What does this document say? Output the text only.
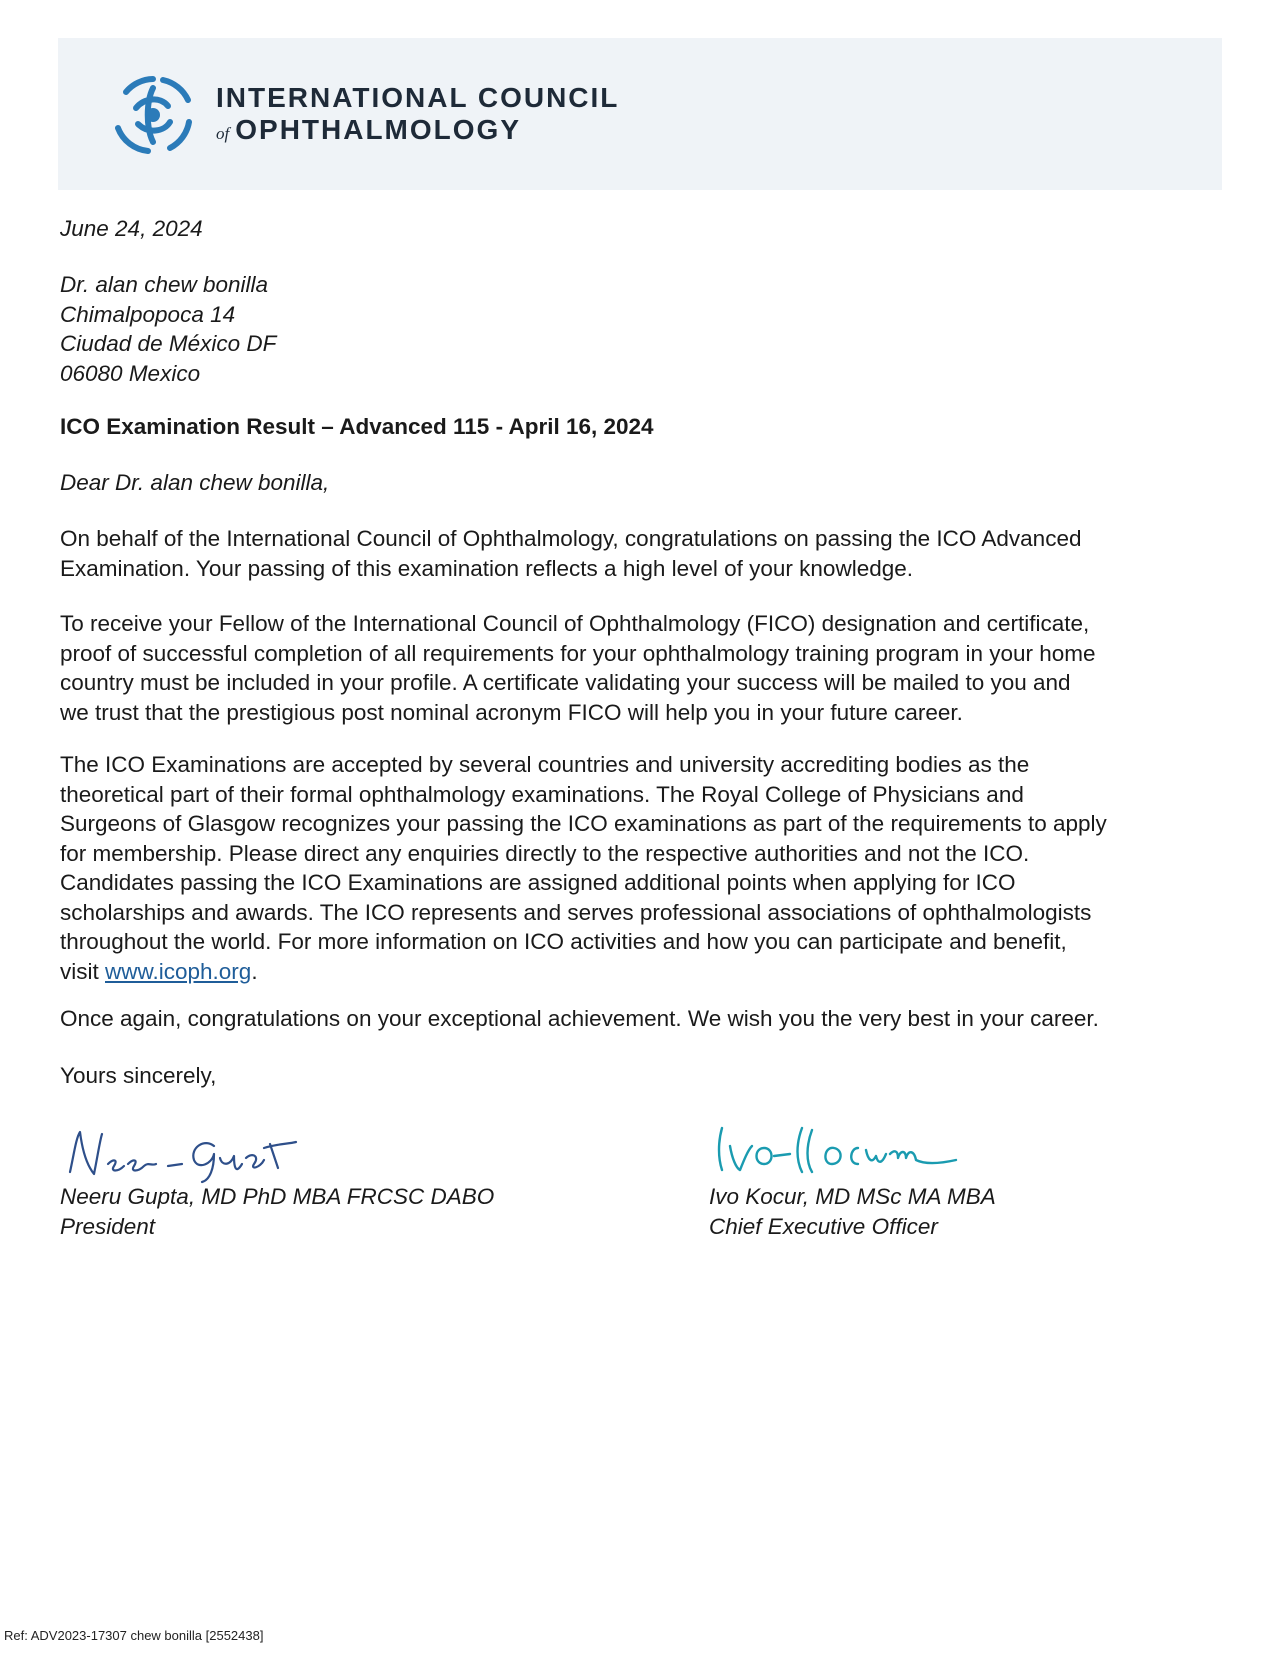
INTERNATIONAL COUNCIL
of OPHTHALMOLOGY
June 24, 2024
Dr. alan chew bonilla
Chimalpopoca 14
Ciudad de México DF
06080 Mexico
ICO Examination Result – Advanced 115 - April 16, 2024
Dear Dr. alan chew bonilla,
On behalf of the International Council of Ophthalmology, congratulations on passing the ICO Advanced
Examination. Your passing of this examination reflects a high level of your knowledge.
To receive your Fellow of the International Council of Ophthalmology (FICO) designation and certificate,
proof of successful completion of all requirements for your ophthalmology training program in your home
country must be included in your profile. A certificate validating your success will be mailed to you and
we trust that the prestigious post nominal acronym FICO will help you in your future career.
The ICO Examinations are accepted by several countries and university accrediting bodies as the
theoretical part of their formal ophthalmology examinations. The Royal College of Physicians and
Surgeons of Glasgow recognizes your passing the ICO examinations as part of the requirements to apply
for membership. Please direct any enquiries directly to the respective authorities and not the ICO.
Candidates passing the ICO Examinations are assigned additional points when applying for ICO
scholarships and awards. The ICO represents and serves professional associations of ophthalmologists
throughout the world. For more information on ICO activities and how you can participate and benefit,
visit www.icoph.org.
Once again, congratulations on your exceptional achievement. We wish you the very best in your career.
Yours sincerely,
Neeru Gupta, MD PhD MBA FRCSC DABO
President
Ivo Kocur, MD MSc MA MBA
Chief Executive Officer
Ref: ADV2023-17307 chew bonilla [2552438]
